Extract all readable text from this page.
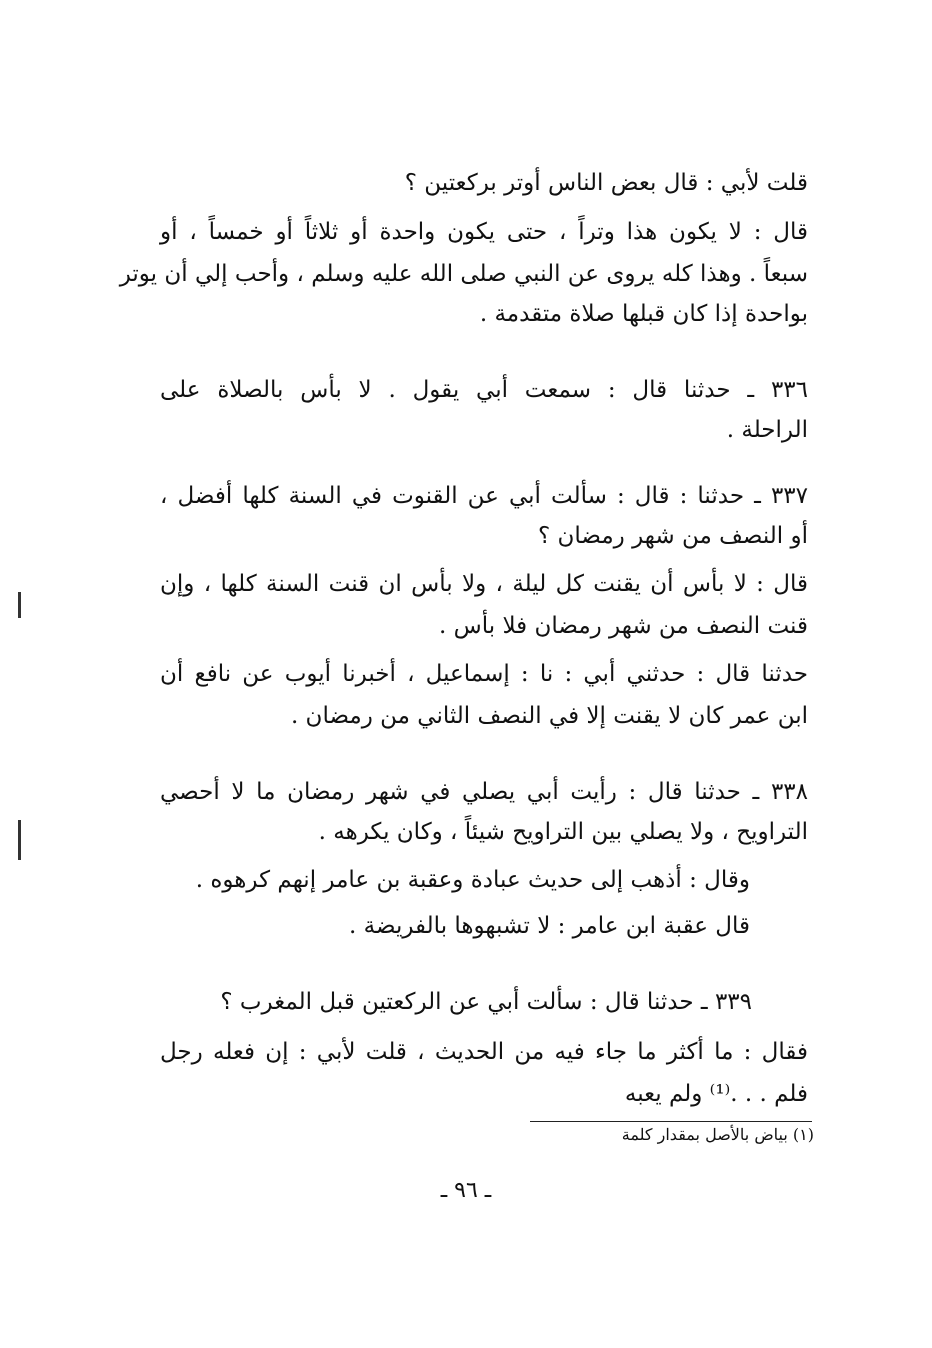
قلت لأبي : قال بعض الناس أوتر بركعتين ؟
قال : لا يكون هذا وتراً ، حتى يكون واحدة أو ثلاثاً أو خمساً ، أو
سبعاً . وهذا كله يروى عن النبي صلى الله عليه وسلم ، وأحب إلي أن يوتر
بواحدة إذا كان قبلها صلاة متقدمة .
٣٣٦ ـ حدثنا قال : سمعت أبي يقول . لا بأس بالصلاة على
الراحلة .
٣٣٧ ـ حدثنا : قال : سألت أبي عن القنوت في السنة كلها أفضل ،
أو النصف من شهر رمضان ؟
قال : لا بأس أن يقنت كل ليلة ، ولا بأس ان قنت السنة كلها ، وإن
قنت النصف من شهر رمضان فلا بأس .
حدثنا قال : حدثني أبي : نا : إسماعيل ، أخبرنا أيوب عن نافع أن
ابن عمر كان لا يقنت إلا في النصف الثاني من رمضان .
٣٣٨ ـ حدثنا قال : رأيت أبي يصلي في شهر رمضان ما لا أحصي
التراويح ، ولا يصلي بين التراويح شيئاً ، وكان يكرهه .
وقال : أذهب إلى حديث عبادة وعقبة بن عامر إنهم كرهوه .
قال عقبة ابن عامر : لا تشبهوها بالفريضة .
٣٣٩ ـ حدثنا قال : سألت أبي عن الركعتين قبل المغرب ؟
فقال : ما أكثر ما جاء فيه من الحديث ، قلت لأبي : إن فعله رجل
فلم . . .⁽¹⁾ ولم يعبه
(١) بياض بالأصل بمقدار كلمة
ـ ٩٦ ـ
